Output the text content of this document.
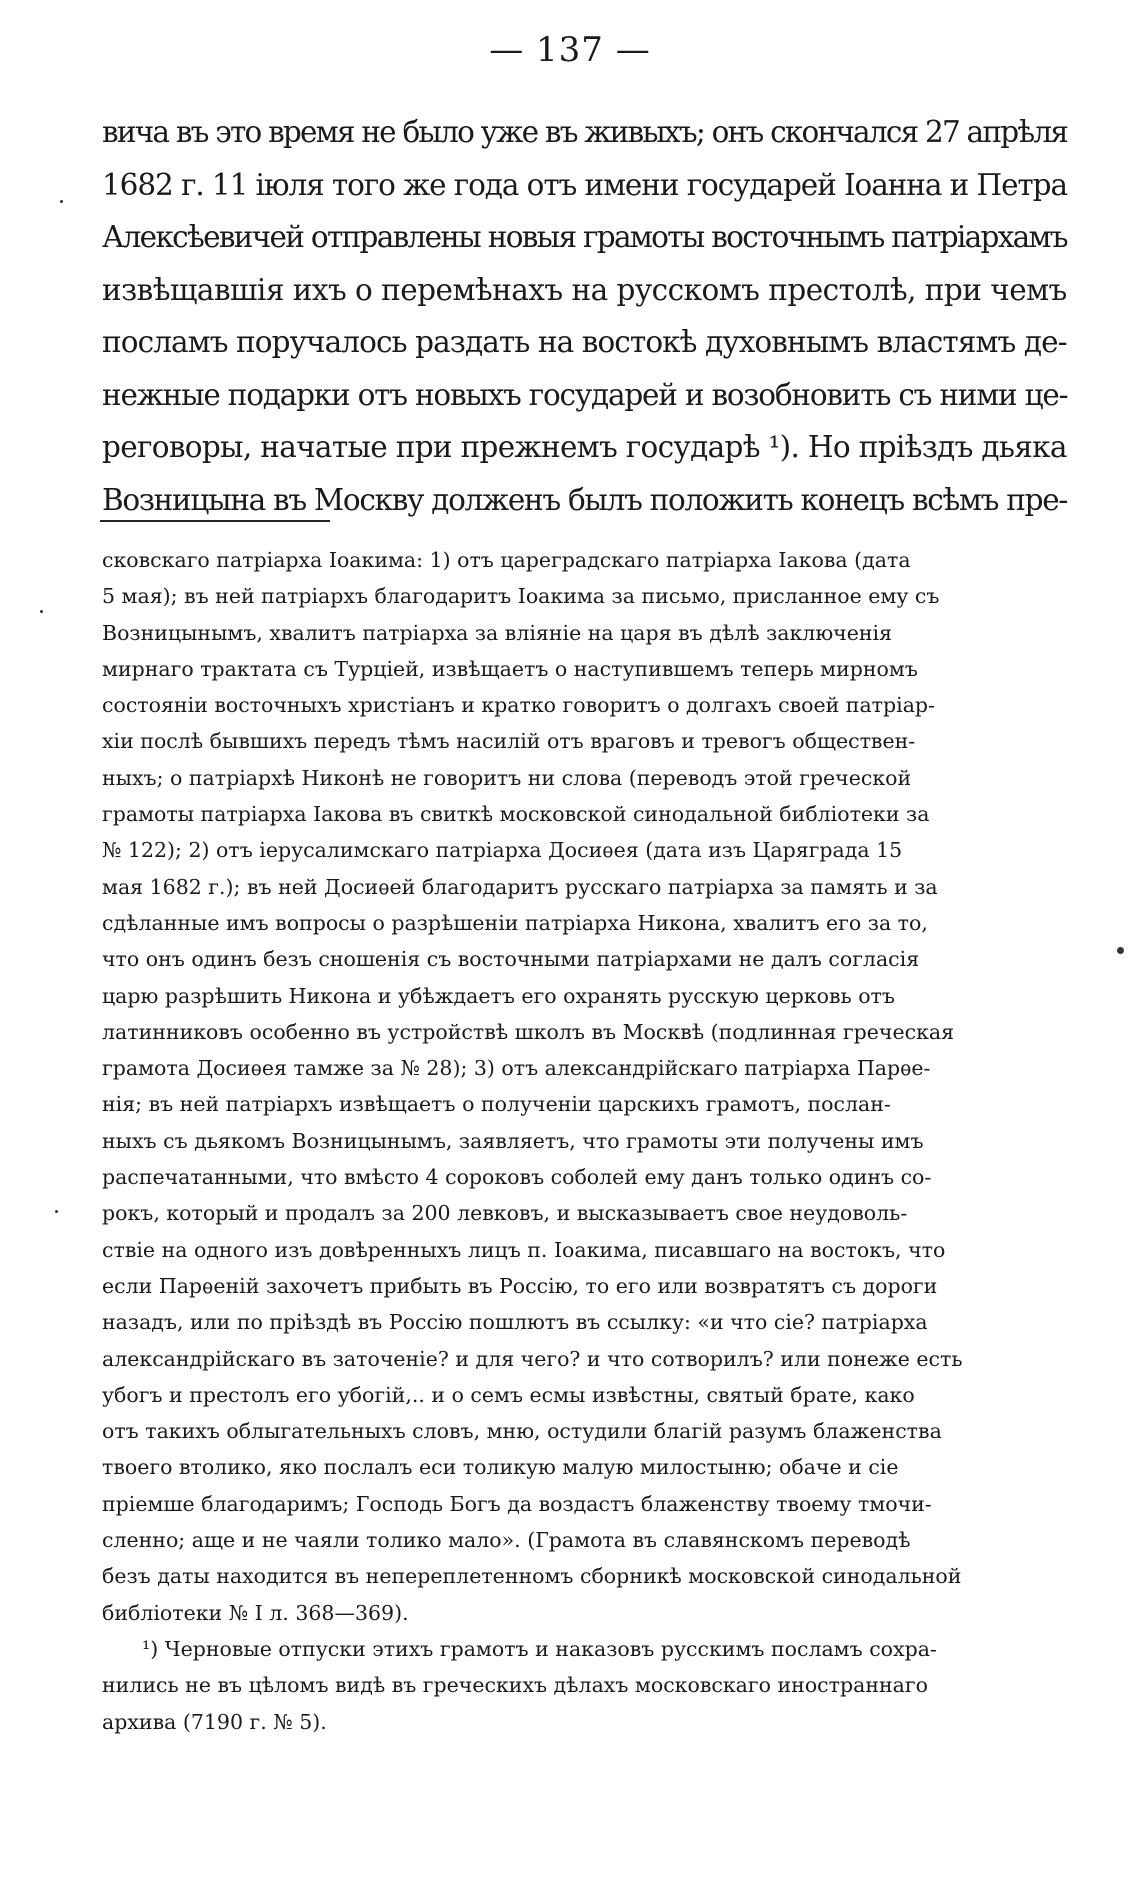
— 137 —
вича въ это время не было уже въ живыхъ; онъ скончался 27 апрѣля
1682 г. 11 іюля того же года отъ имени государей Іоанна и Петра
Алексѣевичей отправлены новыя грамоты восточнымъ патріархамъ
извѣщавшія ихъ о перемѣнахъ на русскомъ престолѣ, при чемъ
посламъ поручалось раздать на востокѣ духовнымъ властямъ де-
нежные подарки отъ новыхъ государей и возобновить съ ними це-
реговоры, начатые при прежнемъ государѣ ¹). Но пріѣздъ дьяка
Возницына въ Москву долженъ былъ положить конецъ всѣмъ пре-
сковскаго патріарха Іоакима: 1) отъ цареградскаго патріарха Іакова (дата
5 мая); въ ней патріархъ благодаритъ Іоакима за письмо, присланное ему съ
Возницынымъ, хвалитъ патріарха за вліяніе на царя въ дѣлѣ заключенія
мирнаго трактата съ Турціей, извѣщаетъ о наступившемъ теперь мирномъ
состояніи восточныхъ христіанъ и кратко говоритъ о долгахъ своей патріар-
хіи послѣ бывшихъ передъ тѣмъ насилій отъ враговъ и тревогъ обществен-
ныхъ; о патріархѣ Никонѣ не говоритъ ни слова (переводъ этой греческой
грамоты патріарха Іакова въ свиткѣ московской синодальной библіотеки за
№ 122); 2) отъ іерусалимскаго патріарха Досиѳея (дата изъ Царяграда 15
мая 1682 г.); въ ней Досиѳей благодаритъ русскаго патріарха за память и за
сдѣланные имъ вопросы о разрѣшеніи патріарха Никона, хвалитъ его за то,
что онъ одинъ безъ сношенія съ восточными патріархами не далъ согласія
царю разрѣшить Никона и убѣждаетъ его охранять русскую церковь отъ
латинниковъ особенно въ устройствѣ школъ въ Москвѣ (подлинная греческая
грамота Досиѳея тамже за № 28); 3) отъ александрійскаго патріарха Парѳе-
нія; въ ней патріархъ извѣщаетъ о полученіи царскихъ грамотъ, послан-
ныхъ съ дьякомъ Возницынымъ, заявляетъ, что грамоты эти получены имъ
распечатанными, что вмѣсто 4 сороковъ соболей ему данъ только одинъ со-
рокъ, который и продалъ за 200 левковъ, и высказываетъ свое неудоволь-
ствіе на одного изъ довѣренныхъ лицъ п. Іоакима, писавшаго на востокъ, что
если Парѳеній захочетъ прибыть въ Россію, то его или возвратятъ съ дороги
назадъ, или по пріѣздѣ въ Россію пошлютъ въ ссылку: «и что сіе? патріарха
александрійскаго въ заточеніе? и для чего? и что сотворилъ? или понеже есть
убогъ и престолъ его убогій,.. и о семъ есмы извѣстны, святый брате, како
отъ такихъ облыгательныхъ словъ, мню, остудили благій разумъ блаженства
твоего втолико, яко послалъ еси толикую малую милостыню; обаче и сіе
пріемше благодаримъ; Господь Богъ да воздастъ блаженству твоему тмочи-
сленно; аще и не чаяли толико мало». (Грамота въ славянскомъ переводѣ
безъ даты находится въ непереплетенномъ сборникѣ московской синодальной
библіотеки № I л. 368—369).
¹) Черновые отпуски этихъ грамотъ и наказовъ русскимъ посламъ сохра-
нились не въ цѣломъ видѣ въ греческихъ дѣлахъ московскаго иностраннаго
архива (7190 г. № 5).
